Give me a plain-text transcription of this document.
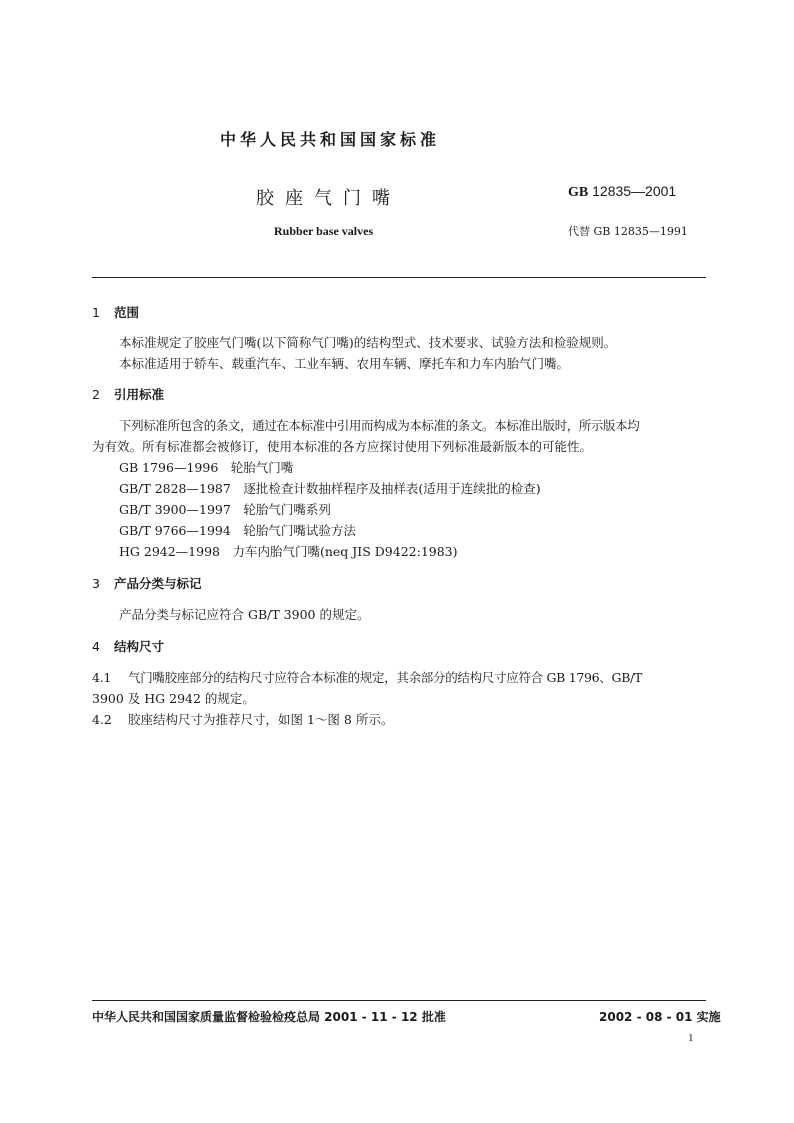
中华人民共和国国家标准
胶座气门嘴	GB 12835—2001
Rubber base valves	代替 GB 12835—1991
1 范围
本标准规定了胶座气门嘴(以下简称气门嘴)的结构型式、技术要求、试验方法和检验规则。
本标准适用于轿车、载重汽车、工业车辆、农用车辆、摩托车和力车内胎气门嘴。
2 引用标准
下列标准所包含的条文，通过在本标准中引用而构成为本标准的条文。本标准出版时，所示版本均
为有效。所有标准都会被修订，使用本标准的各方应探讨使用下列标准最新版本的可能性。
GB 1796—1996　轮胎气门嘴
GB/T 2828—1987　逐批检查计数抽样程序及抽样表(适用于连续批的检查)
GB/T 3900—1997　轮胎气门嘴系列
GB/T 9766—1994　轮胎气门嘴试验方法
HG 2942—1998　力车内胎气门嘴(neq JIS D9422:1983)
3 产品分类与标记
产品分类与标记应符合 GB/T 3900 的规定。
4 结构尺寸
4.1 气门嘴胶座部分的结构尺寸应符合本标准的规定，其余部分的结构尺寸应符合 GB 1796、GB/T
3900 及 HG 2942 的规定。
4.2 胶座结构尺寸为推荐尺寸，如图 1～图 8 所示。
中华人民共和国国家质量监督检验检疫总局 2001 - 11 - 12 批准	2002 - 08 - 01 实施
1
